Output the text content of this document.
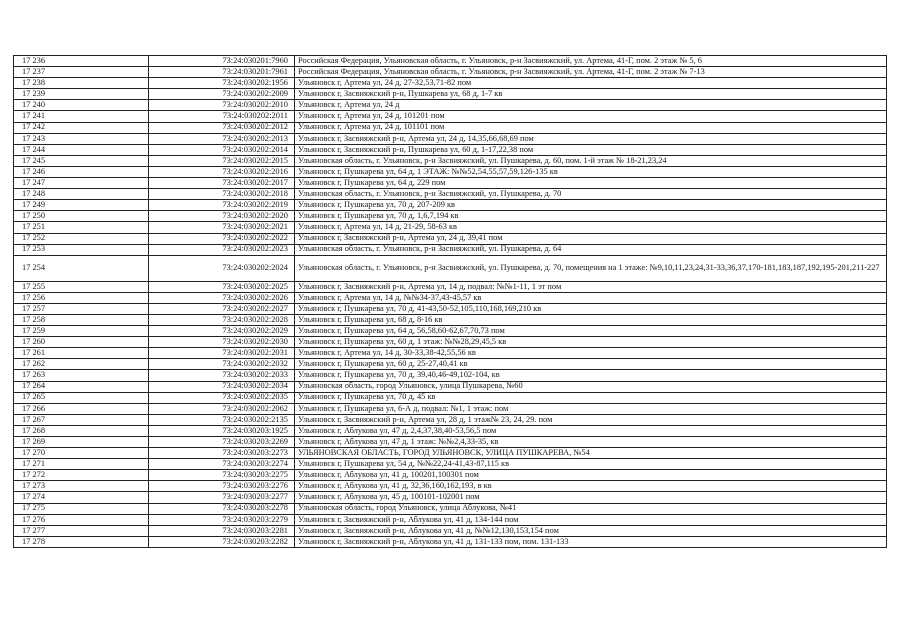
17 236	73:24:030201:7960	Российская Федерация, Ульяновская область, г. Ульяновск, р-н Засвияжский, ул. Артема, 41-Г, пом. 2 этаж № 5, 6
17 237	73:24:030201:7961	Российская Федерация, Ульяновская область, г. Ульяновск, р-н Засвияжский, ул. Артема, 41-Г, пом. 2 этаж № 7-13
17 238	73:24:030202:1956	Ульяновск г, Артема ул, 24 д, 27-32,53,71-82 пом
17 239	73:24:030202:2009	Ульяновск г, Засвияжский р-н, Пушкарева ул, 68 д, 1-7 кв
17 240	73:24:030202:2010	Ульяновск г, Артема ул, 24 д
17 241	73:24:030202:2011	Ульяновск г, Артема ул, 24 д, 101201 пом
17 242	73:24:030202:2012	Ульяновск г, Артема ул, 24 д, 101101 пом
17 243	73:24:030202:2013	Ульяновск г, Засвияжский р-н, Артема ул, 24 д, 14,35,66,68,69 пом
17 244	73:24:030202:2014	Ульяновск г, Засвияжский р-н, Пушкарева ул, 60 д, 1-17,22,38 пом
17 245	73:24:030202:2015	Ульяновская область, г. Ульяновск, р-н Засвияжский, ул. Пушкарева, д. 60, пом. 1-й этаж № 18-21,23,24
17 246	73:24:030202:2016	Ульяновск г, Пушкарева ул, 64 д, 1 ЭТАЖ: №№52,54,55,57,59,126-135 кв
17 247	73:24:030202:2017	Ульяновск г, Пушкарева ул, 64 д, 229 пом
17 248	73:24:030202:2018	Ульяновская область, г. Ульяновск, р-н Засвияжский, ул. Пушкарева, д. 70
17 249	73:24:030202:2019	Ульяновск г, Пушкарева ул, 70 д, 207-209 кв
17 250	73:24:030202:2020	Ульяновск г, Пушкарева ул, 70 д, 1,6,7,194 кв
17 251	73:24:030202:2021	Ульяновск г, Артема ул, 14 д, 21-29, 58-63 кв
17 252	73:24:030202:2022	Ульяновск г, Засвияжский р-н, Артема ул, 24 д, 39,41 пом
17 253	73:24:030202:2023	Ульяновская область, г. Ульяновск, р-н Засвияжский, ул. Пушкарева, д. 64
17 254	73:24:030202:2024	Ульяновская область, г. Ульяновск, р-н Засвияжский, ул. Пушкарева, д. 70, помещения на 1 этаже: №9,10,11,23,24,31-33,36,37,170-181,183,187,192,195-201,211-227
17 255	73:24:030202:2025	Ульяновск г, Засвияжский р-н, Артема ул, 14 д, подвал: №№1-11, 1 эт пом
17 256	73:24:030202:2026	Ульяновск г, Артема ул, 14 д, №№34-37,43-45,57 кв
17 257	73:24:030202:2027	Ульяновск г, Пушкарева ул, 70 д, 41-43,50-52,105,110,168,169,210 кв
17 258	73:24:030202:2028	Ульяновск г, Пушкарева ул, 68 д, 8-16 кв
17 259	73:24:030202:2029	Ульяновск г, Пушкарева ул, 64 д, 56,58,60-62,67,70,73 пом
17 260	73:24:030202:2030	Ульяновск г, Пушкарева ул, 60 д, 1 этаж: №№28,29,45,5 кв
17 261	73:24:030202:2031	Ульяновск г, Артема ул, 14 д, 30-33,38-42,55,56 кв
17 262	73:24:030202:2032	Ульяновск г, Пушкарева ул, 60 д, 25-27,40,41 кв
17 263	73:24:030202:2033	Ульяновск г, Пушкарева ул, 70 д, 39,40,46-49,102-104, кв
17 264	73:24:030202:2034	Ульяновская область, город Ульяновск, улица Пушкарева, №60
17 265	73:24:030202:2035	Ульяновск г, Пушкарева ул, 70 д, 45 кв
17 266	73:24:030202:2062	Ульяновск г, Пушкарева ул, 6-А д, подвал: №1, 1 этаж: пом
17 267	73:24:030202:2135	Ульяновск г, Засвияжский р-н, Артема ул, 28 д, 1 этаж№ 23, 24, 29. пом
17 268	73:24:030203:1925	Ульяновск г, Аблукова ул, 47 д, 2,4,37,38,40-53,56,5 пом
17 269	73:24:030203:2269	Ульяновск г, Аблукова ул, 47 д, 1 этаж: №№2,4,33-35, кв
17 270	73:24:030203:2273	УЛЬЯНОВСКАЯ ОБЛАСТЬ, ГОРОД УЛЬЯНОВСК, УЛИЦА ПУШКАРЕВА, №54
17 271	73:24:030203:2274	Ульяновск г, Пушкарева ул, 54 д, №№22,24-41,43-87,115 кв
17 272	73:24:030203:2275	Ульяновск г, Аблукова ул, 41 д, 100201,100301 пом
17 273	73:24:030203:2276	Ульяновск г, Аблукова ул, 41 д, 32,36,160,162,193, в кв
17 274	73:24:030203:2277	Ульяновск г, Аблукова ул, 45 д, 100101-102001 пом
17 275	73:24:030203:2278	Ульяновская область, город Ульяновск, улица Аблукова, №41
17 276	73:24:030203:2279	Ульяновск г, Засвияжский р-н, Аблукова ул, 41 д, 134-144 пом
17 277	73:24:030203:2281	Ульяновск г, Засвияжский р-н, Аблукова ул, 41 д, №№12,130,153,154 пом
17 278	73:24:030203:2282	Ульяновск г, Засвияжский р-н, Аблукова ул, 41 д, 131-133 пом, пом. 131-133
